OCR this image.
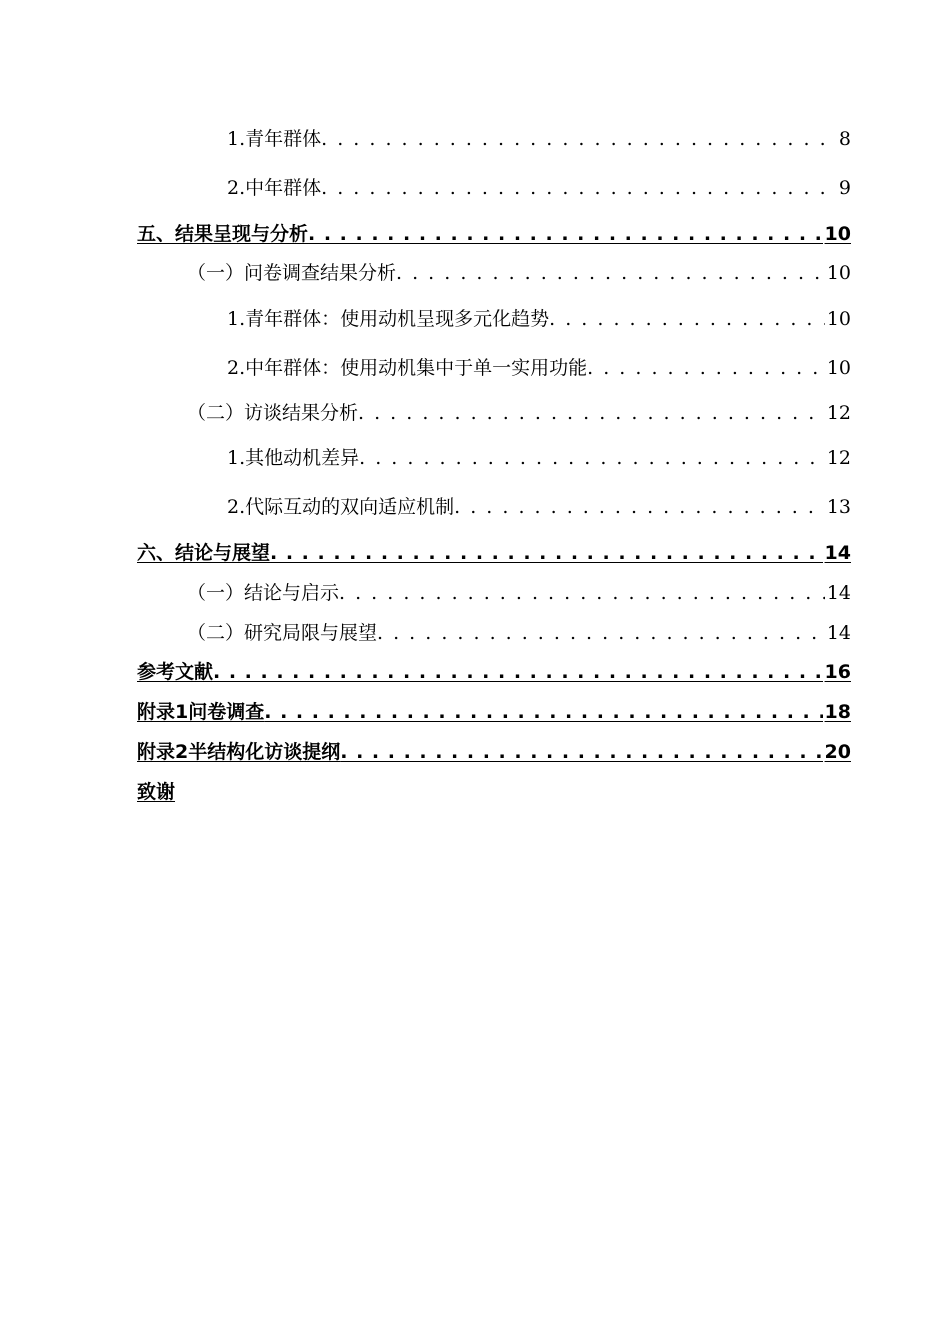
1.青年群体 . . .	8
2.中年群体 . . .	9
五、结果呈现与分析 . . .	10
（一）问卷调查结果分析 . . .	10
1.青年群体：使用动机呈现多元化趋势 . . .	10
2.中年群体：使用动机集中于单一实用功能 . . .	10
（二）访谈结果分析 . . .	12
1.其他动机差异 . . .	12
2.代际互动的双向适应机制 . . .	13
六、结论与展望 . . .	14
（一）结论与启示 . . .	14
（二）研究局限与展望 . . .	14
参考文献 . . .	16
附录1问卷调查 . . .	18
附录2半结构化访谈提纲 . . .	20
致谢
